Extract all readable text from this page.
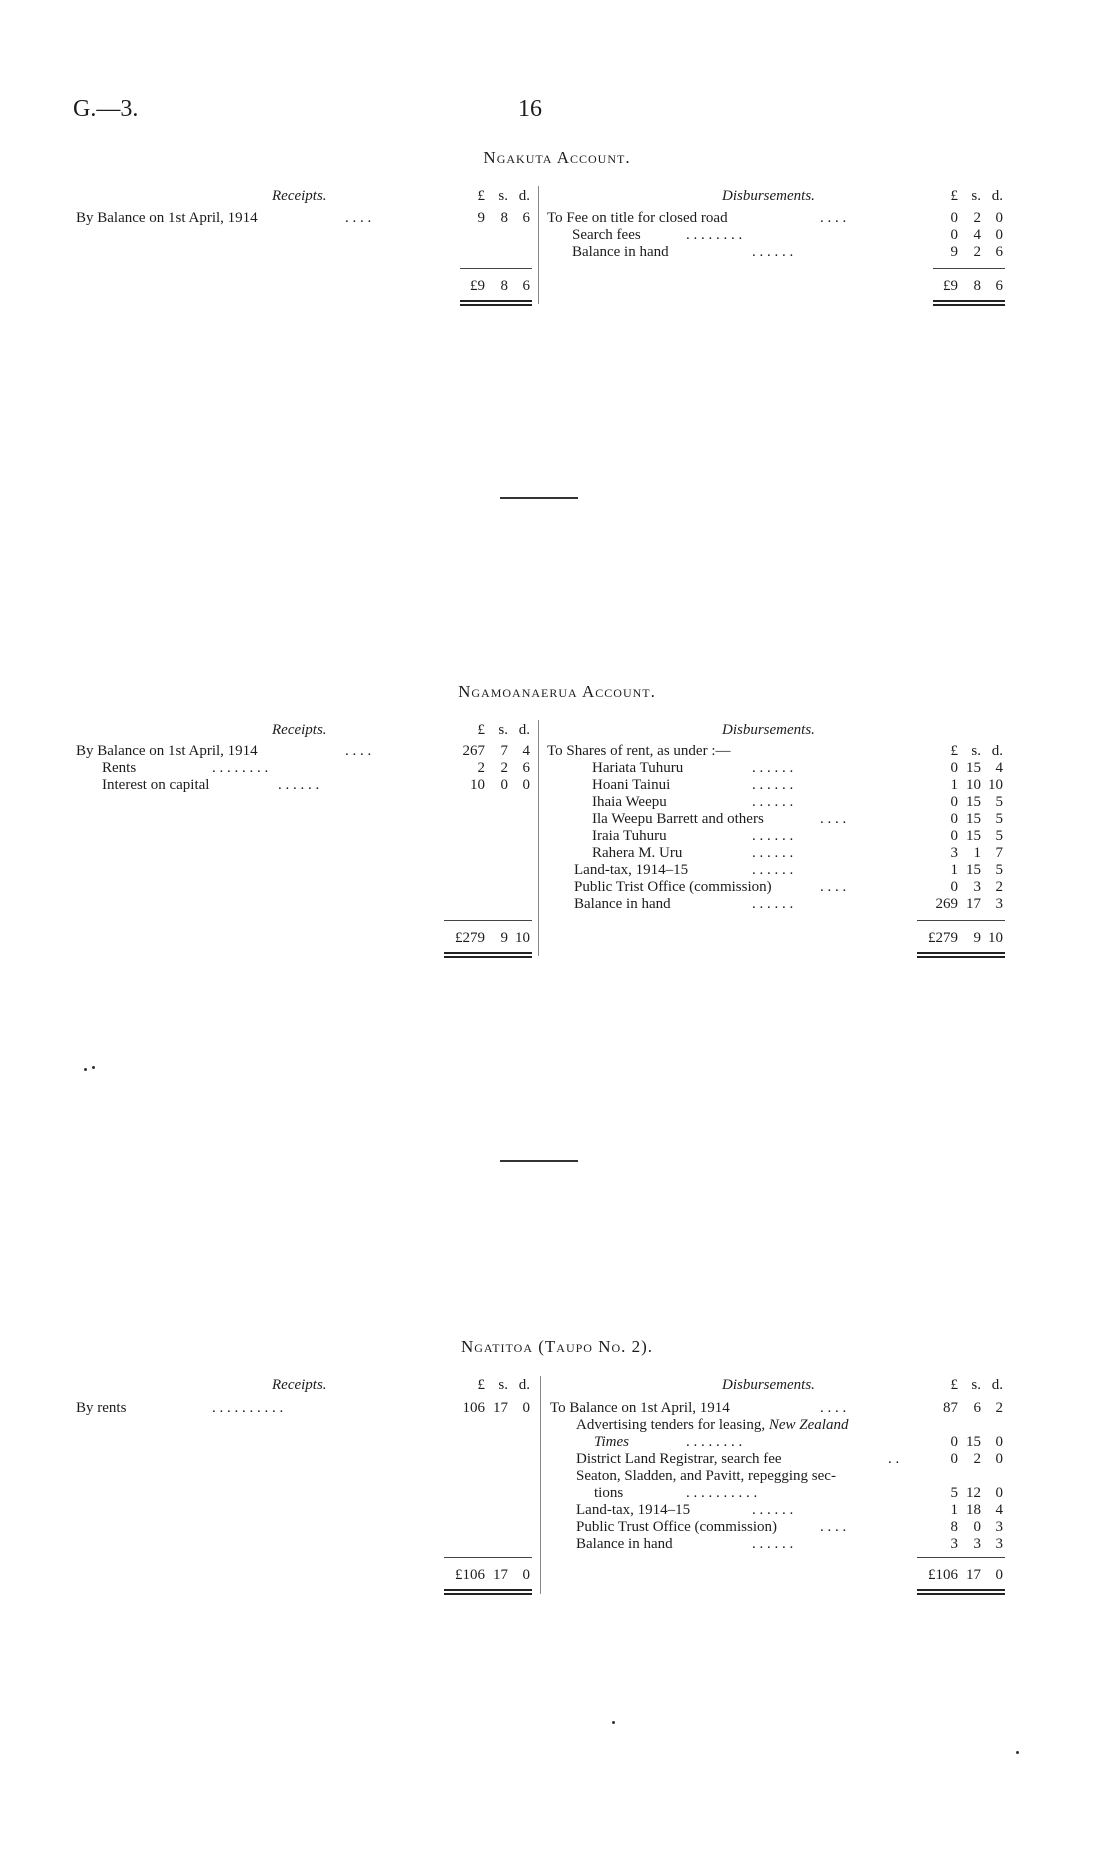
G.—3.	16
Ngakuta Account.
Receipts.	£ s. d.
By Balance on 1st April, 1914	. . . .	9	8 6
£9	8 6
Disbursements.	£ s. d.
To Fee on title for closed road	. . . .	0	2 0
Search fees	. . . . . . . .	0	4 0
Balance in hand	. . . . . .	9	2 6
£9	8 6
Ngamoanaerua Account.
Receipts.	£ s. d.
By Balance on 1st April, 1914	. . . .	267	7 4
Rents	. . . . . . . .	2	2 6
Interest on capital	. . . . . .	10	0 0
£279	9 10
Disbursements.
To Shares of rent, as under :—	£ s. d.
Hariata Tuhuru	. . . . . .	0 15 4
Hoani Tainui	. . . . . .	1 10 10
Ihaia Weepu	. . . . . .	0 15 5
Ila Weepu Barrett and others	. . . .	0 15 5
Iraia Tuhuru	. . . . . .	0 15 5
Rahera M. Uru	. . . . . .	3	1 7
Land-tax, 1914–15	. . . . . .	1 15 5
Public Trist Office (commission)	. . . .	0	3 2
Balance in hand	. . . . . .	269 17 3
£279	9 10
Ngatitoa (Taupo No. 2).
Receipts.	£ s. d.
By rents	. . . . . . . . . .	106 17 0
£106 17 0
Disbursements.	£ s. d.
To Balance on 1st April, 1914	. . . .	87	6 2
Advertising tenders for leasing, New Zealand
Times	. . . . . . . .	0 15 0
District Land Registrar, search fee	. .	0	2 0
Seaton, Sladden, and Pavitt, repegging sec-
tions	. . . . . . . . . .	5 12 0
Land-tax, 1914–15	. . . . . .	1 18 4
Public Trust Office (commission)	. . . .	8	0 3
Balance in hand	. . . . . .	3	3 3
£106 17 0
